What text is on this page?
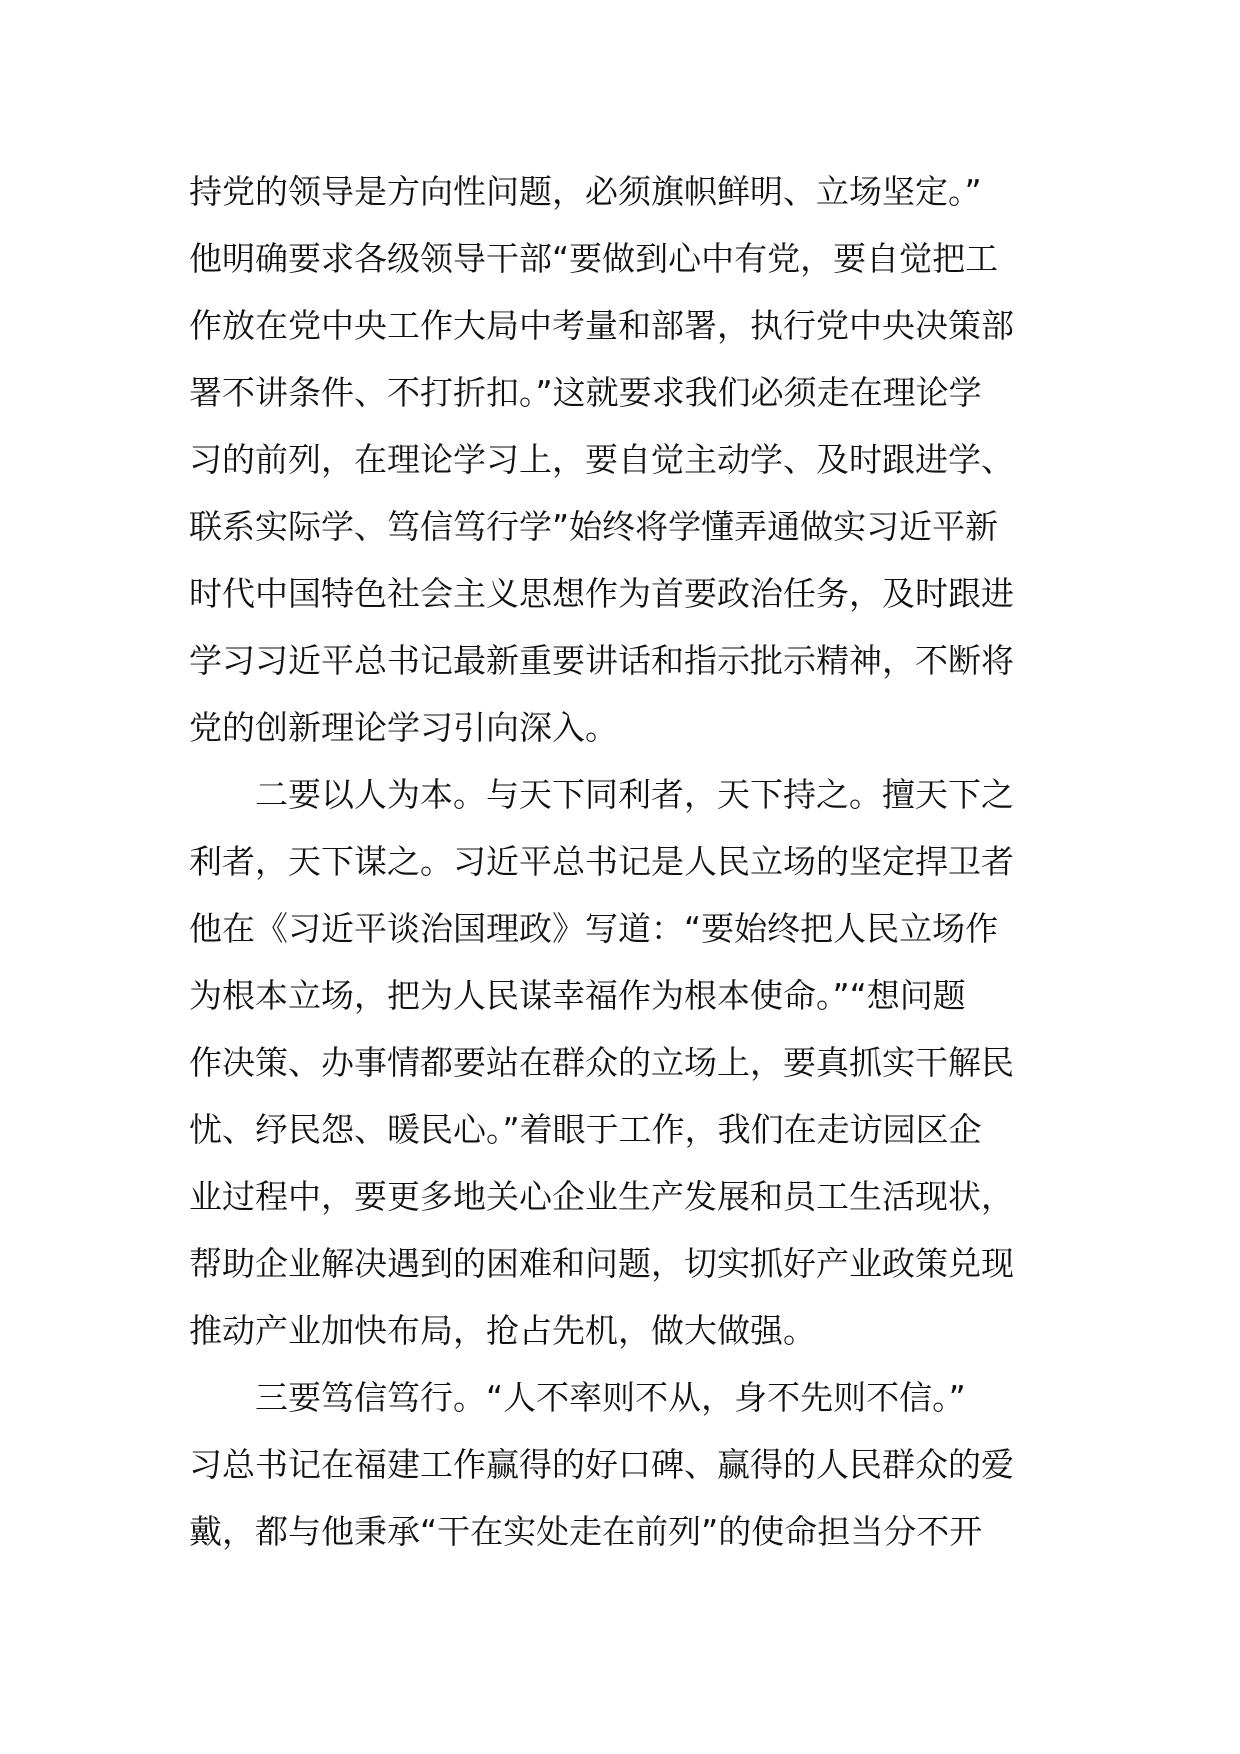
持党的领导是方向性问题，必须旗帜鲜明、立场坚定。”
他明确要求各级领导干部“要做到心中有党，要自觉把工
作放在党中央工作大局中考量和部署，执行党中央决策部
署不讲条件、不打折扣。”这就要求我们必须走在理论学
习的前列，在理论学习上，要自觉主动学、及时跟进学、
联系实际学、笃信笃行学”始终将学懂弄通做实习近平新
时代中国特色社会主义思想作为首要政治任务，及时跟进
学习习近平总书记最新重要讲话和指示批示精神，不断将
党的创新理论学习引向深入。
二要以人为本。与天下同利者，天下持之。擅天下之
利者，天下谋之。习近平总书记是人民立场的坚定捍卫者
他在《习近平谈治国理政》写道：“要始终把人民立场作
为根本立场，把为人民谋幸福作为根本使命。”“想问题
作决策、办事情都要站在群众的立场上，要真抓实干解民
忧、纾民怨、暖民心。”着眼于工作，我们在走访园区企
业过程中，要更多地关心企业生产发展和员工生活现状，
帮助企业解决遇到的困难和问题，切实抓好产业政策兑现
推动产业加快布局，抢占先机，做大做强。
三要笃信笃行。“人不率则不从，身不先则不信。”
习总书记在福建工作赢得的好口碑、赢得的人民群众的爱
戴，都与他秉承“干在实处走在前列”的使命担当分不开
